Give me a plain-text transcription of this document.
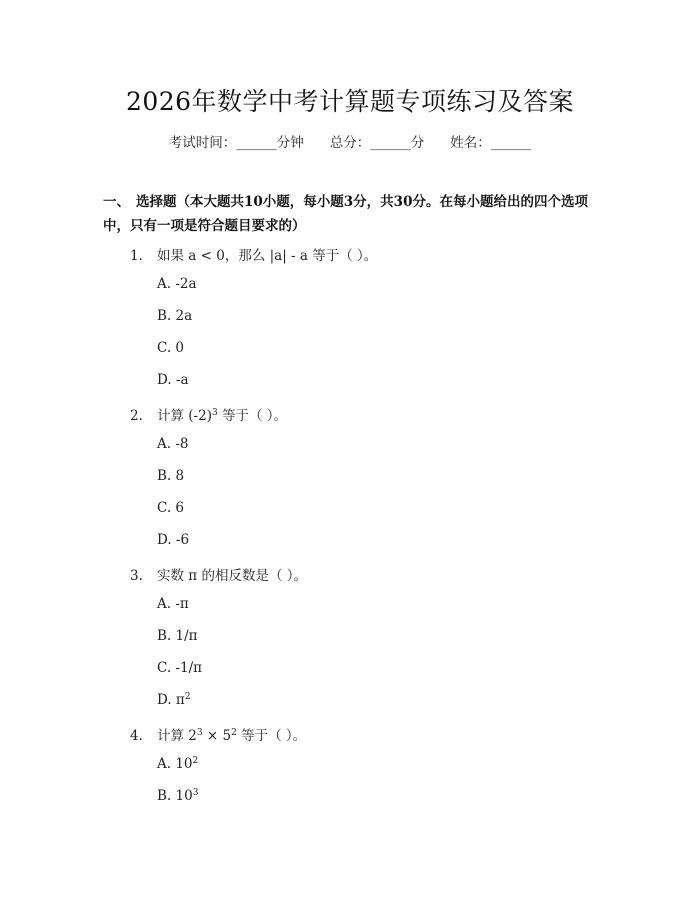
2026年数学中考计算题专项练习及答案
考试时间：______分钟 总分：______分 姓名：______
一、 选择题（本大题共10小题，每小题3分，共30分。在每小题给出的四个选项中，只有一项是符合题目要求的）
1. 如果 a < 0，那么 |a| - a 等于（ ）。
A. -2a
B. 2a
C. 0
D. -a
2. 计算 $(-2)^3$ 等于（ ）。
A. -8
B. 8
C. 6
D. -6
3. 实数 π 的相反数是（ ）。
A. -π
B. 1/π
C. -1/π
D. $\pi^2$
4. 计算 $2^3 \times 5^2$ 等于（ ）。
A. $10^2$
B. $10^3$
